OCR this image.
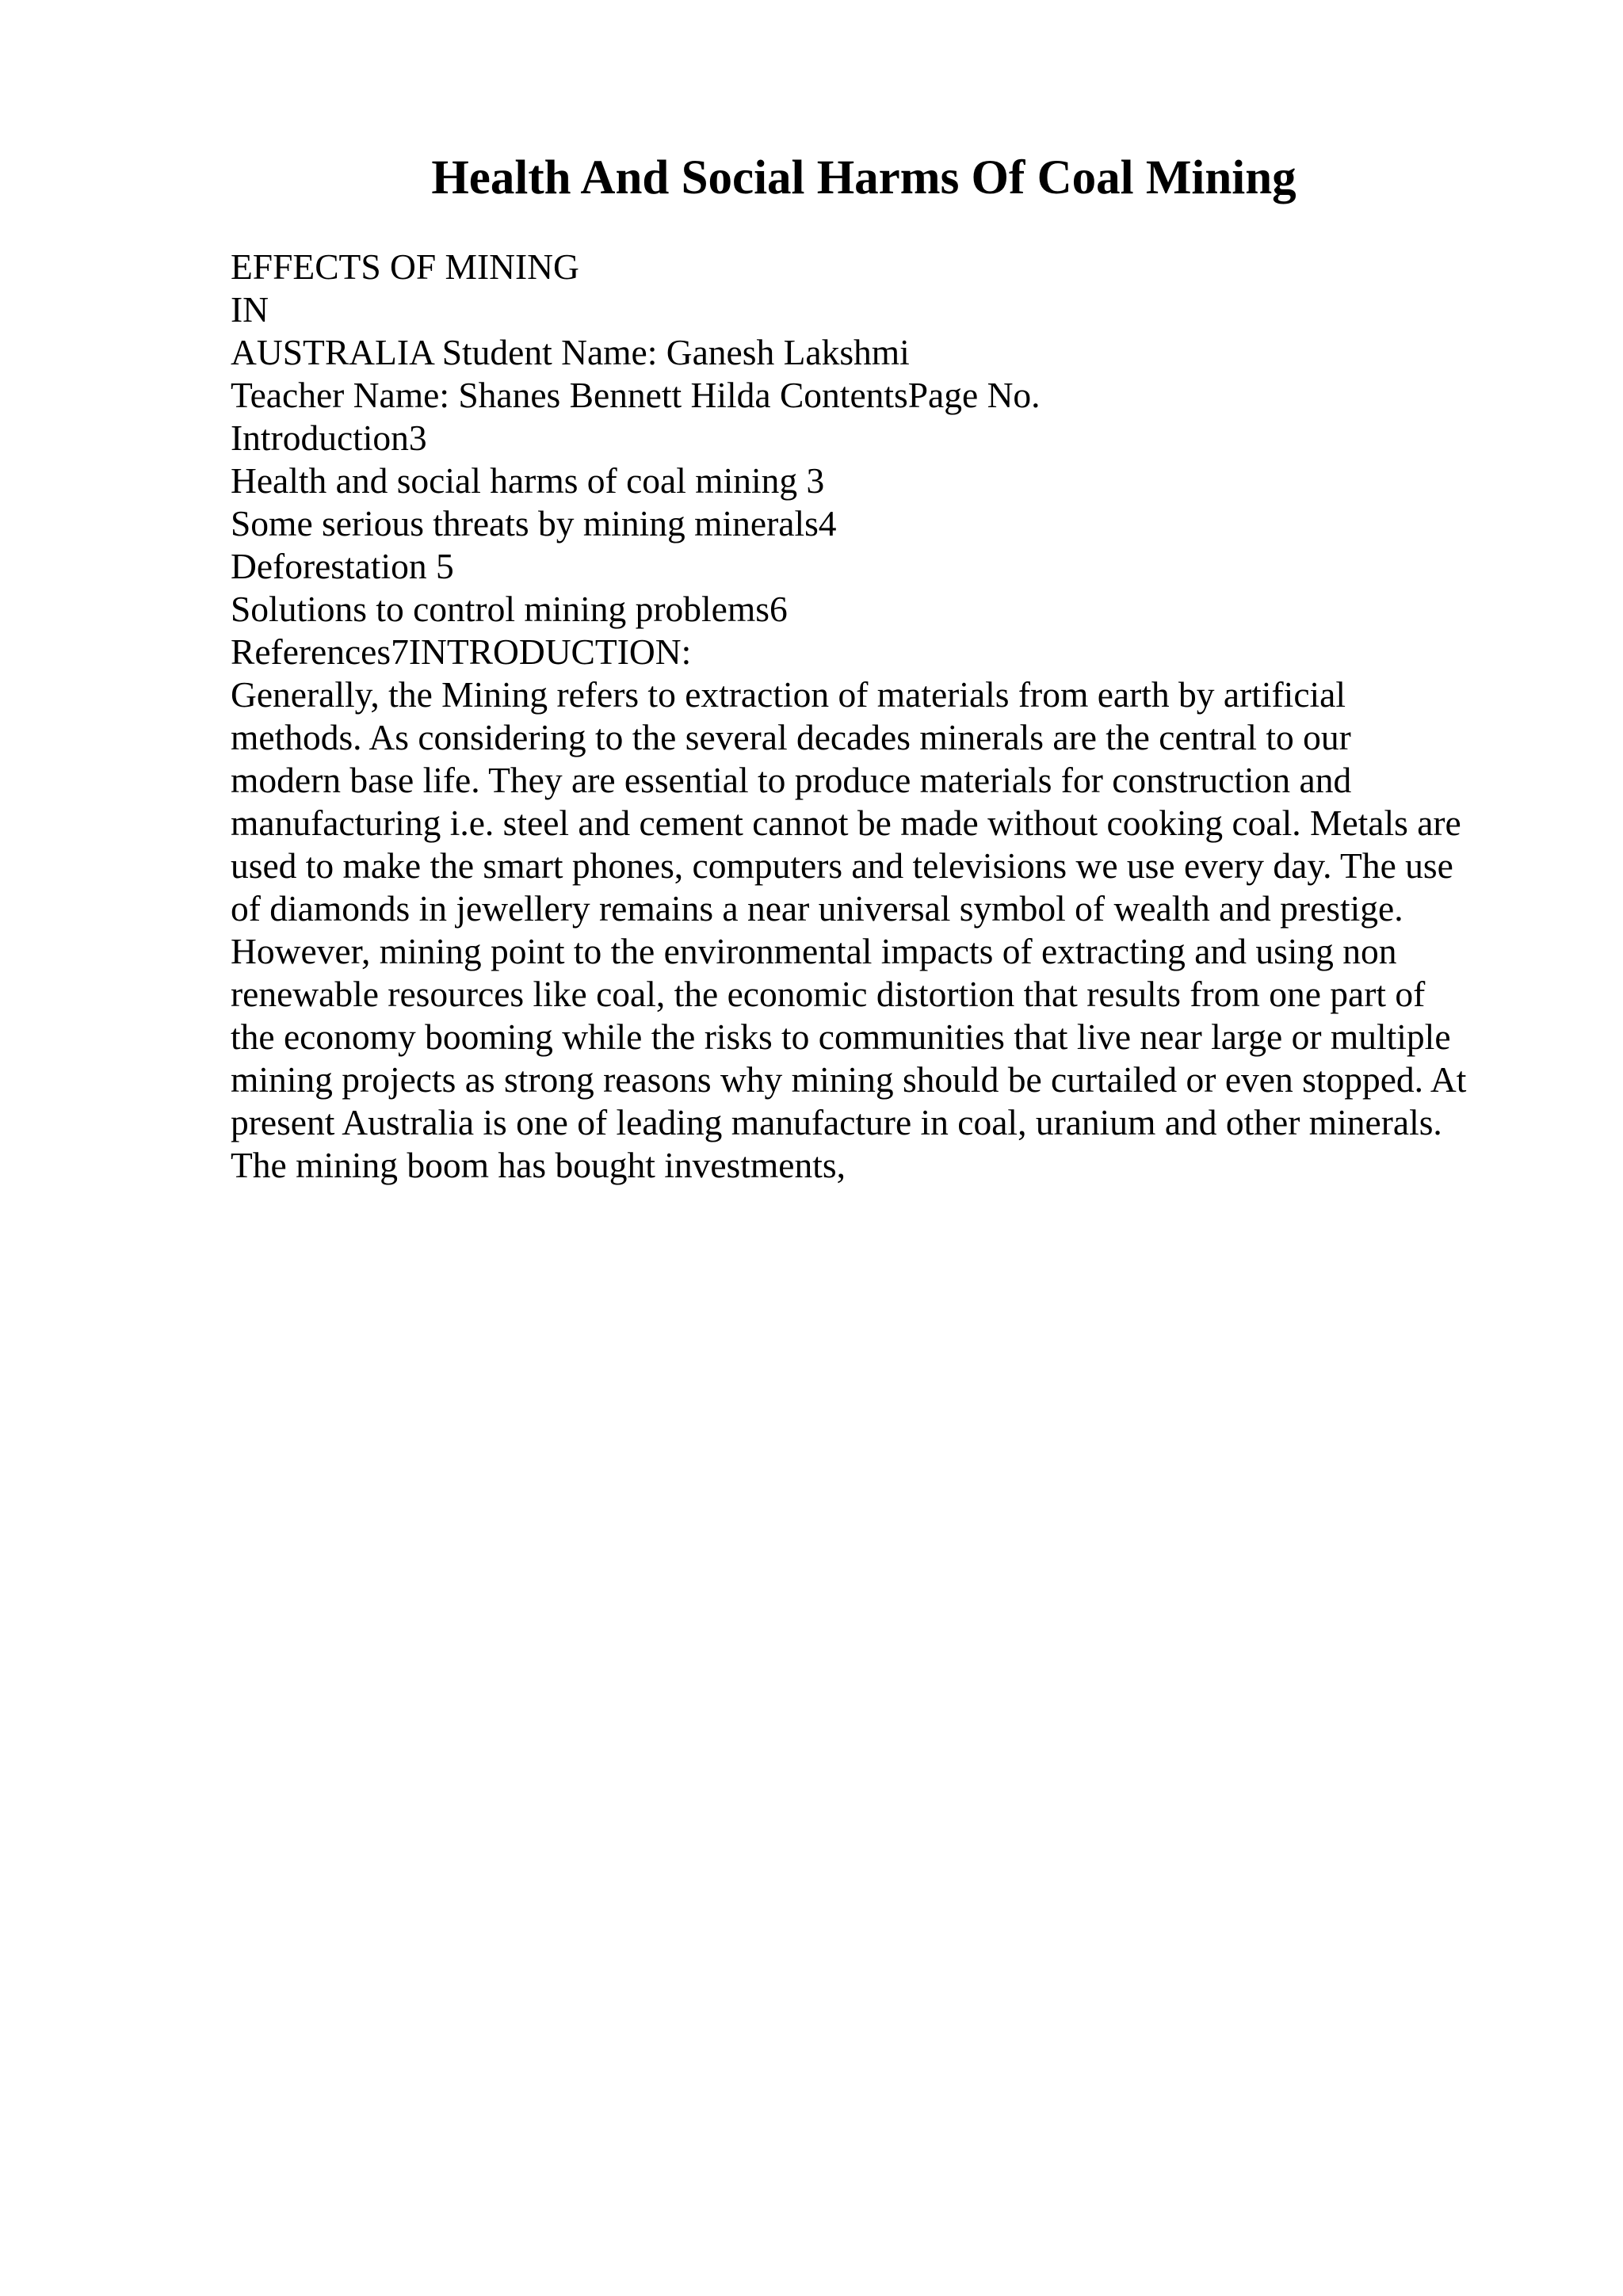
Health And Social Harms Of Coal Mining
EFFECTS OF MINING
IN
AUSTRALIA Student Name: Ganesh Lakshmi
Teacher Name: Shanes Bennett Hilda ContentsPage No.
Introduction3
Health and social harms of coal mining 3
Some serious threats by mining minerals4
Deforestation 5
Solutions to control mining problems6
References7INTRODUCTION:
Generally, the Mining refers to extraction of materials from earth by artificial
methods. As considering to the several decades minerals are the central to our
modern base life. They are essential to produce materials for construction and
manufacturing i.e. steel and cement cannot be made without cooking coal. Metals are
used to make the smart phones, computers and televisions we use every day. The use
of diamonds in jewellery remains a near universal symbol of wealth and prestige.
However, mining point to the environmental impacts of extracting and using non
renewable resources like coal, the economic distortion that results from one part of
the economy booming while the risks to communities that live near large or multiple
mining projects as strong reasons why mining should be curtailed or even stopped. At
present Australia is one of leading manufacture in coal, uranium and other minerals.
The mining boom has bought investments,
